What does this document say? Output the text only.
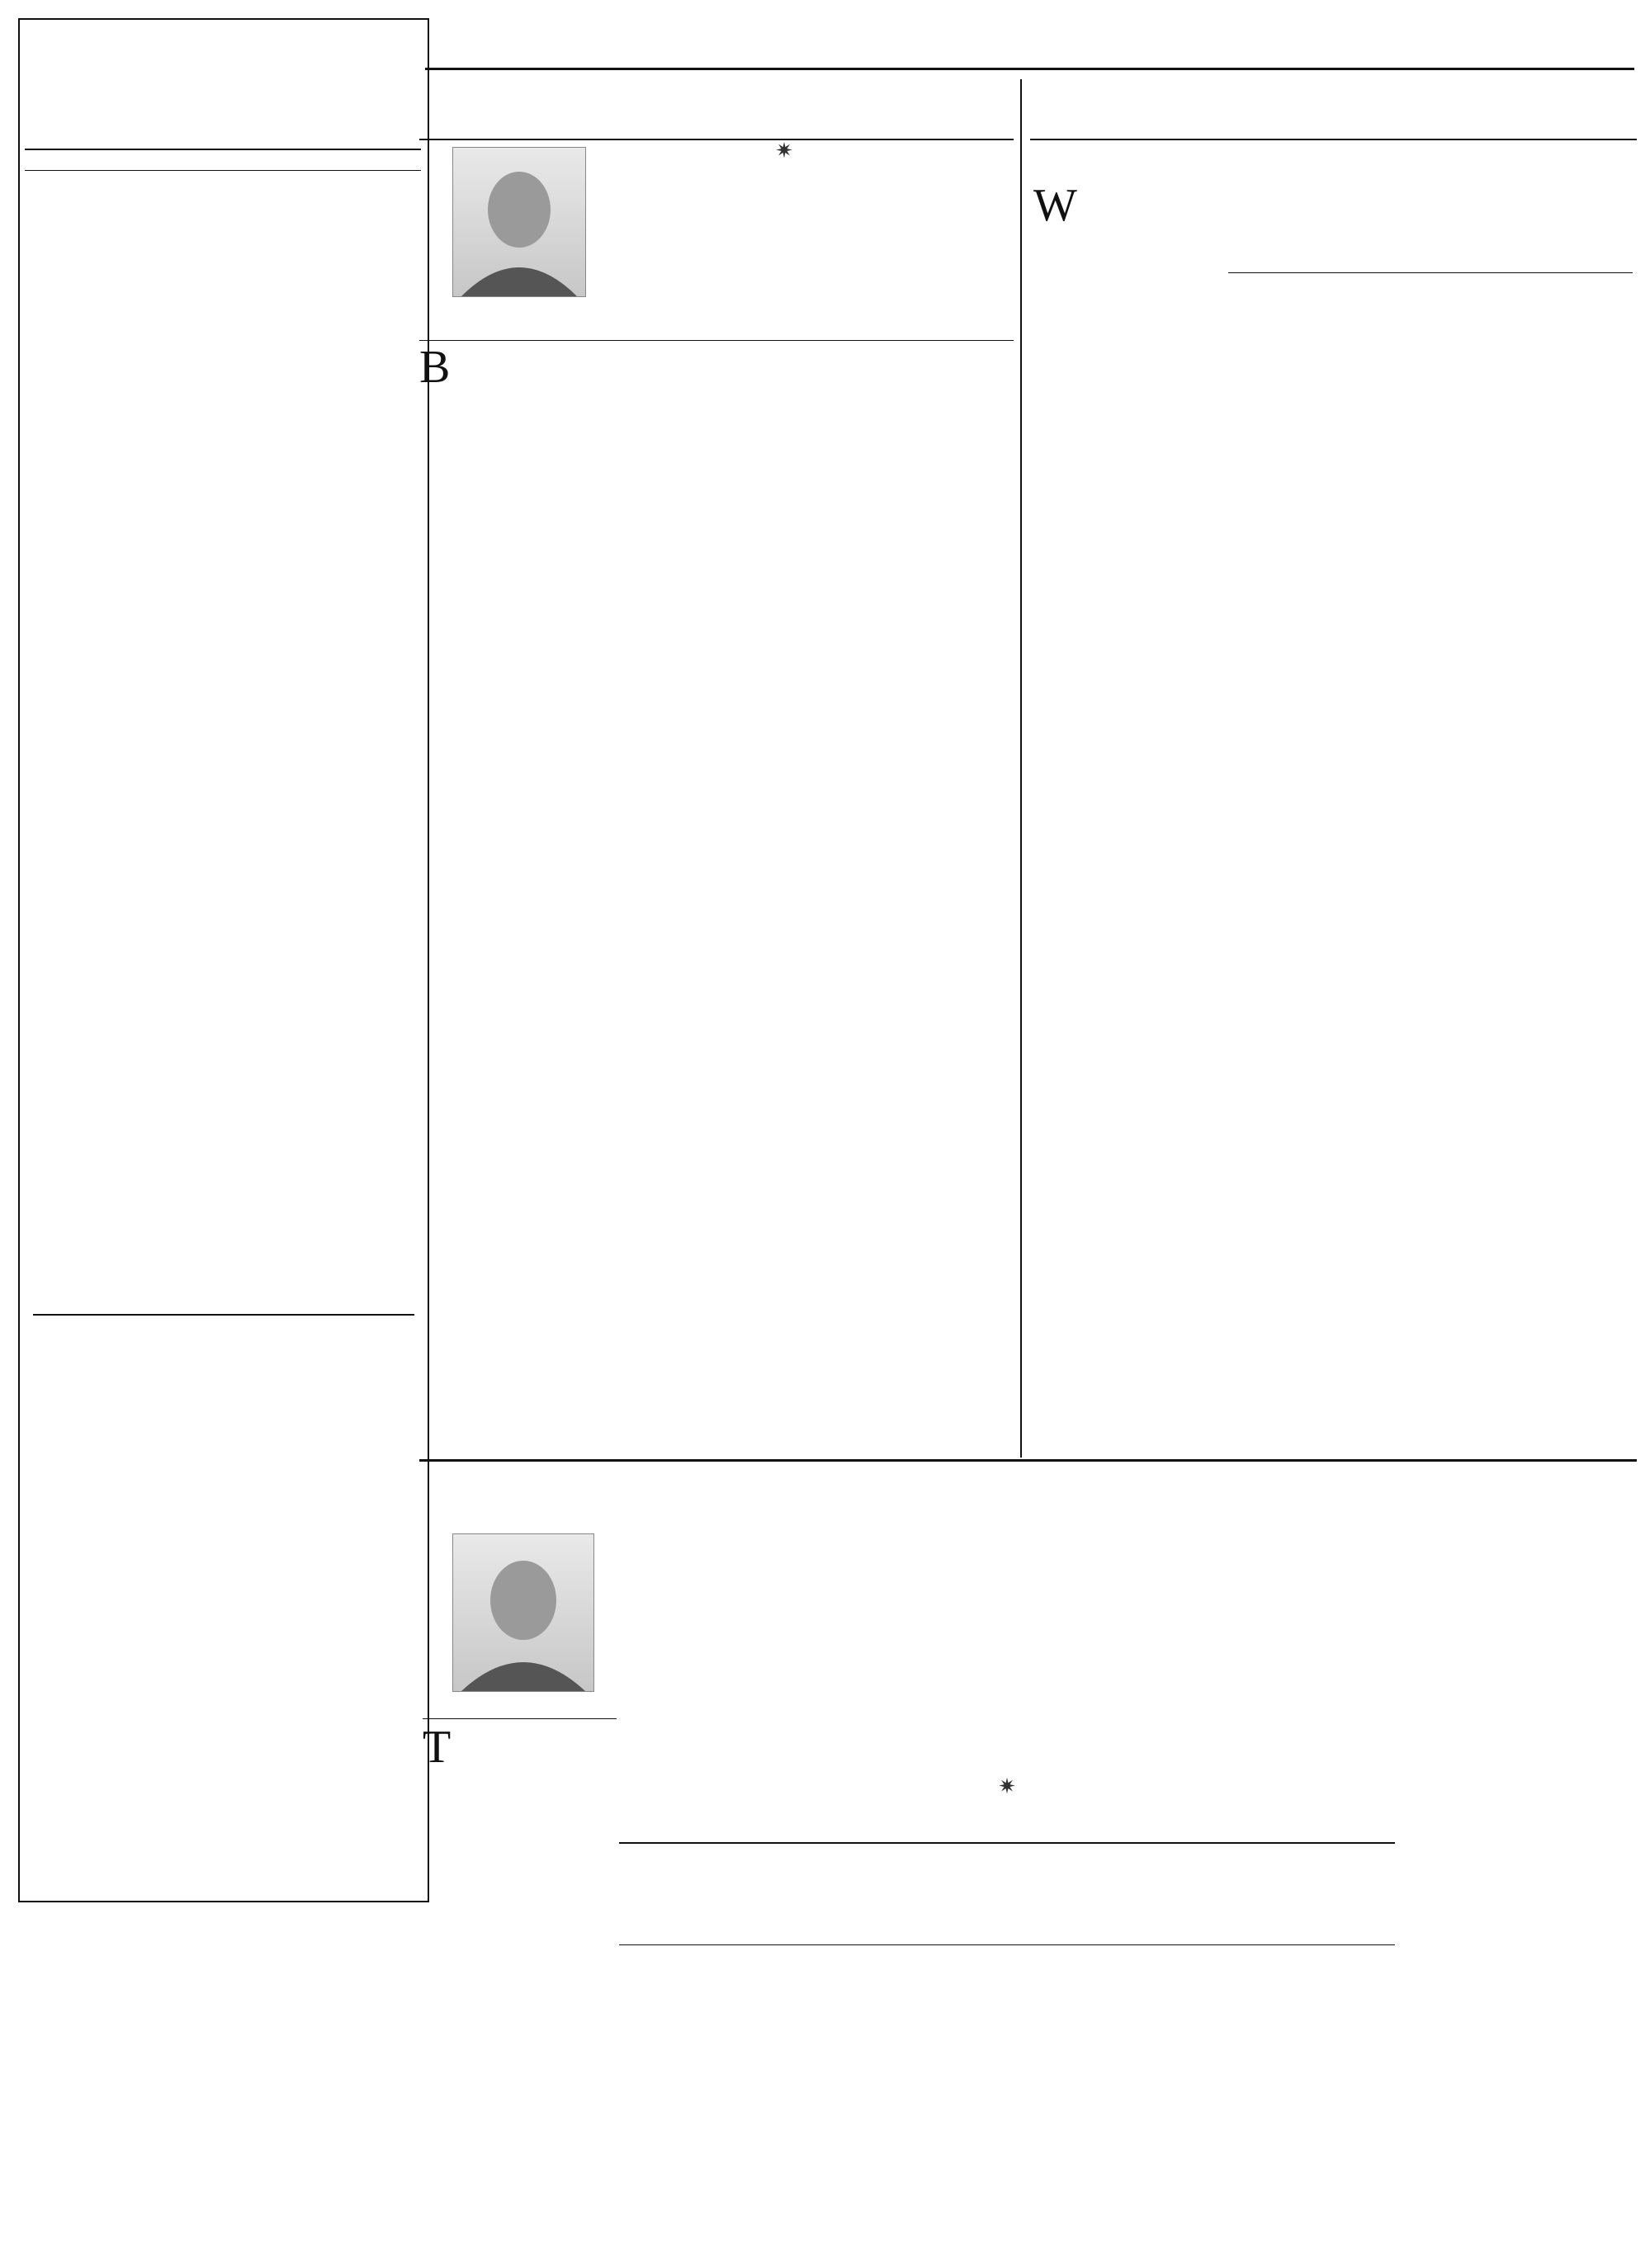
✷

B

W

T

✷
